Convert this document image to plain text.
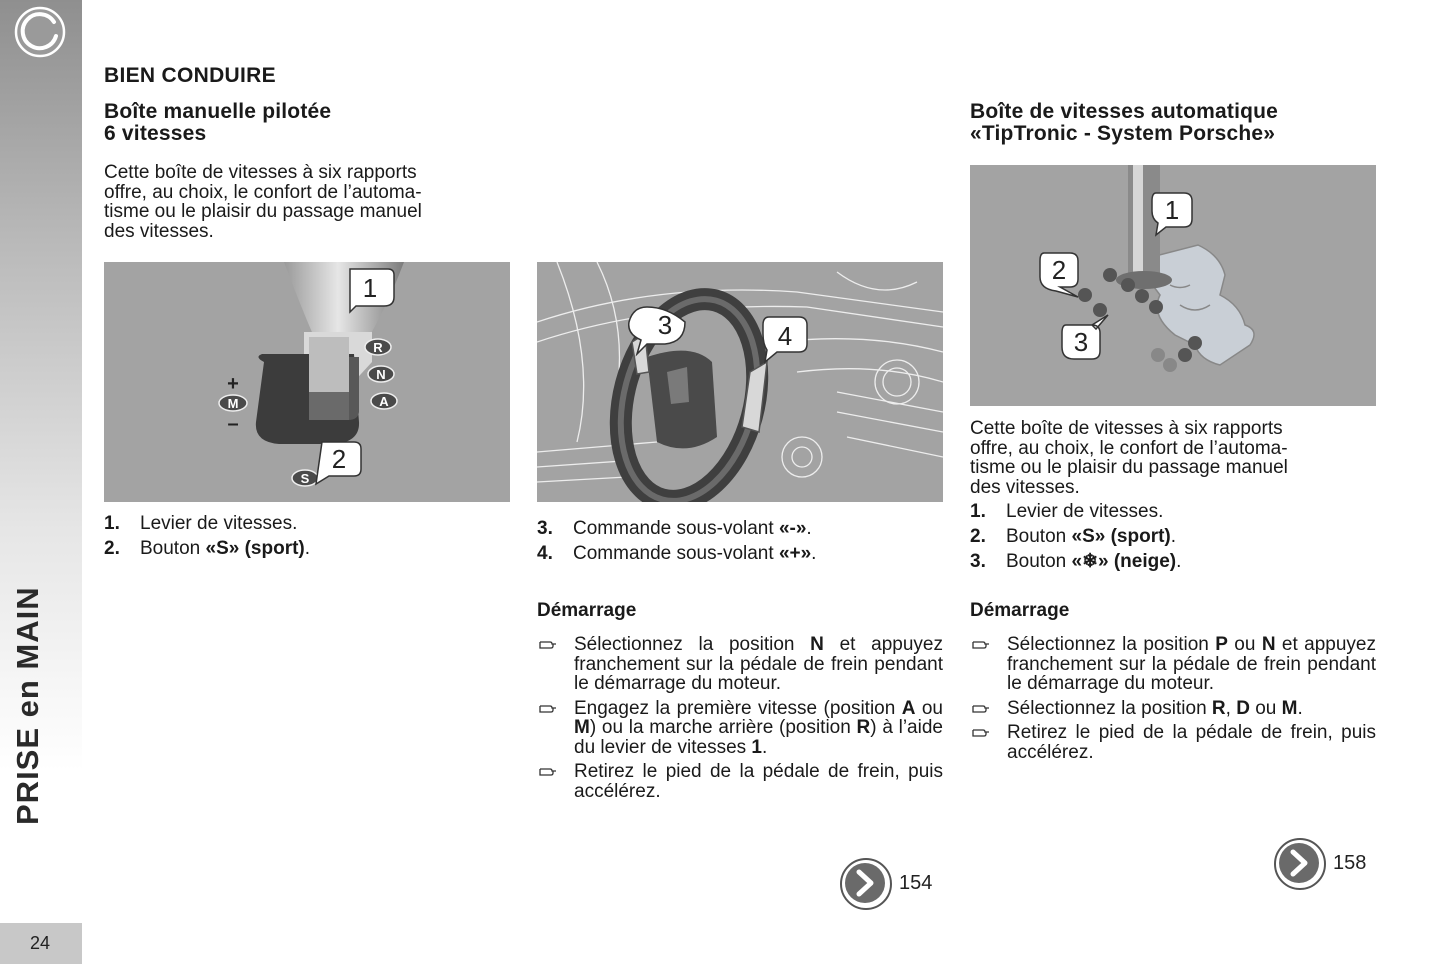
PRISE en MAIN
24
BIEN CONDUIRE
Boîte manuelle pilotée
6 vitesses

Cette boîte de vitesses à six rapports

offre, au choix, le confort de l’automa-

tisme ou le plaisir du passage manuel

des vitesses.

R
N
A
M
+
–
S
1
2
1. Levier de vitesses.
2. Bouton «S» (sport).
3	4
3. Commande sous-volant «-».
4. Commande sous-volant «+».
Démarrage
Sélectionnez la position N et appuyez franchement sur la pédale de frein pendant le démarrage du moteur.
Engagez la première vitesse (position A ou M) ou la marche arrière (position R) à l’aide du levier de vitesses 1.
Retirez le pied de la pédale de frein, puis accélérez.
154
Boîte de vitesses automatique
«TipTronic - System Porsche»
1
2
3

Cette boîte de vitesses à six rapports

offre, au choix, le confort de l’automa-

tisme ou le plaisir du passage manuel

des vitesses.

1. Levier de vitesses.
2. Bouton «S» (sport).
3. Bouton «❄» (neige).
Démarrage
Sélectionnez la position P ou N et appuyez franchement sur la pédale de frein pendant le démarrage du moteur.
Sélectionnez la position R, D ou M.
Retirez le pied de la pédale de frein, puis accélérez.
158
